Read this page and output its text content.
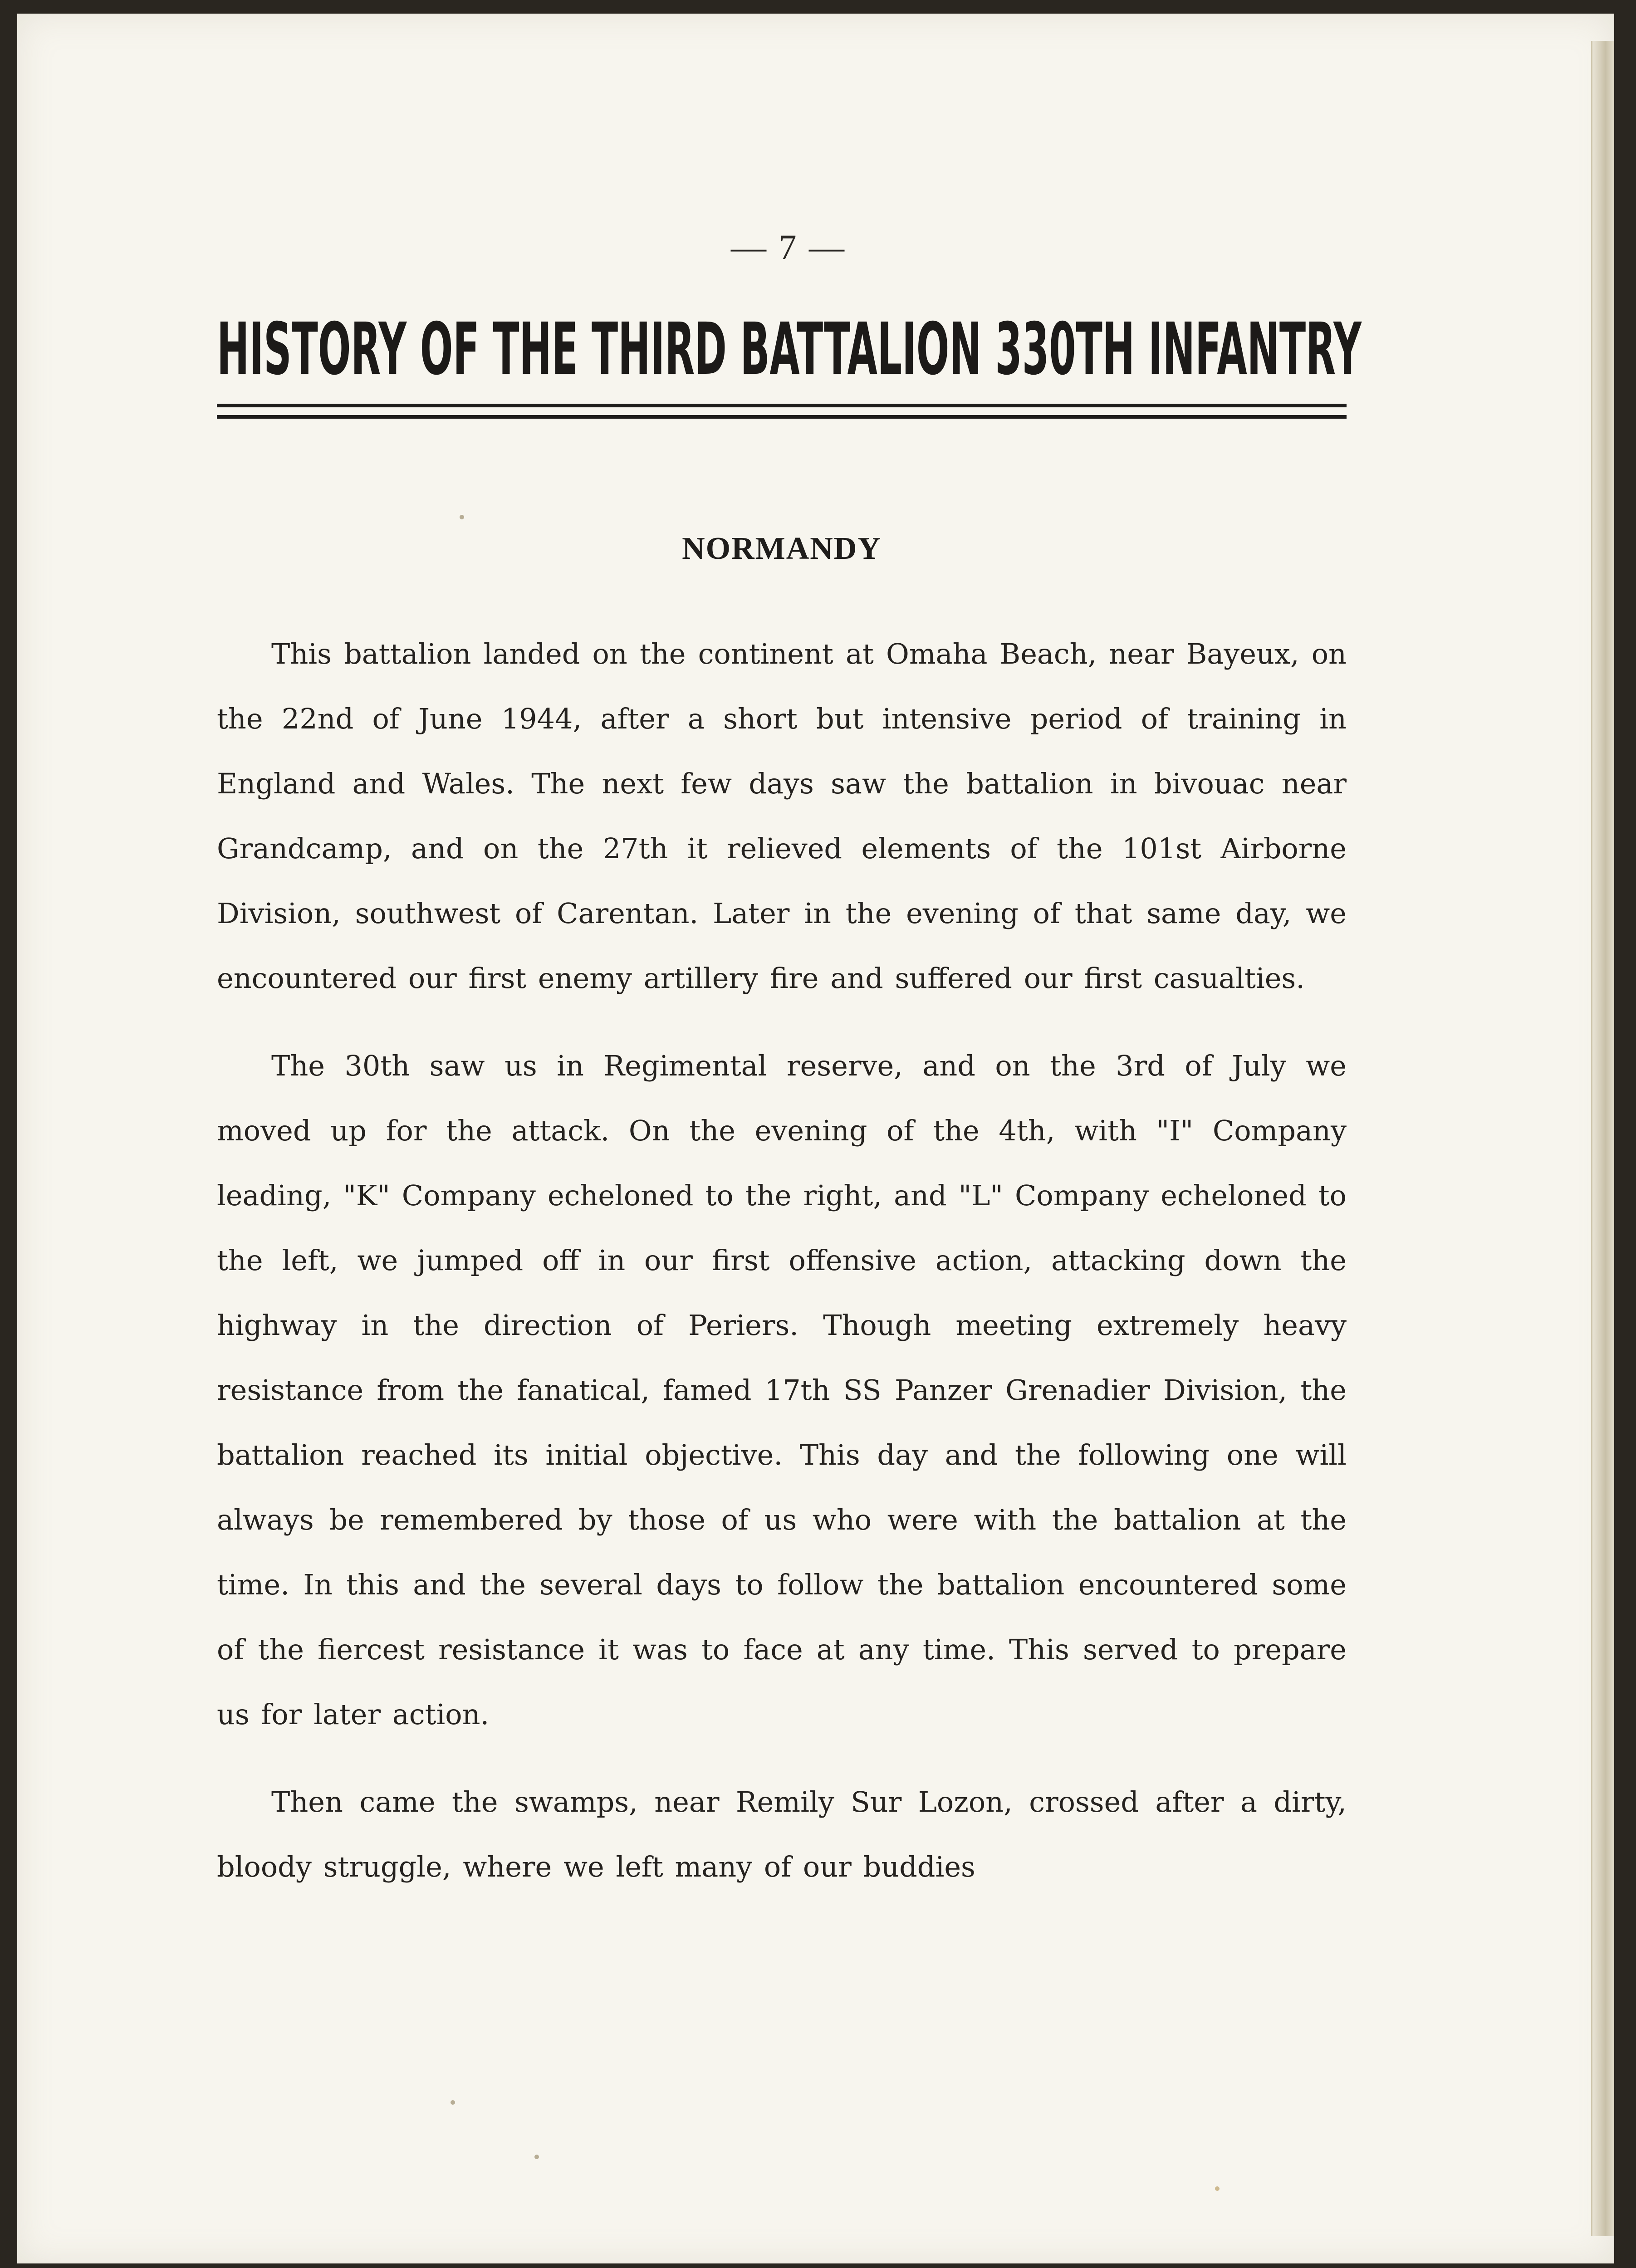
— 7 —
HISTORY OF THE THIRD BATTALION 330TH INFANTRY
NORMANDY

This battalion landed on the continent at Omaha Beach, near Bayeux, on the 22nd of June 1944, after a short but intensive period of training in England and Wales. The next few days saw the battalion in bivouac near Grandcamp, and on the 27th it relieved elements of the 101st Airborne Division, southwest of Carentan. Later in the evening of that same day, we encountered our first enemy artillery fire and suffered our first casualties.

The 30th saw us in Regimental reserve, and on the 3rd of July we moved up for the attack. On the evening of the 4th, with "I" Company leading, "K" Company echeloned to the right, and "L" Company echeloned to the left, we jumped off in our first offensive action, attacking down the highway in the direction of Periers. Though meeting extremely heavy resistance from the fanatical, famed 17th SS Panzer Grenadier Division, the battalion reached its initial objective. This day and the following one will always be remembered by those of us who were with the battalion at the time. In this and the several days to follow the battalion encountered some of the fiercest resistance it was to face at any time. This served to prepare us for later action.

Then came the swamps, near Remily Sur Lozon, crossed after a dirty, bloody struggle, where we left many of our buddies
